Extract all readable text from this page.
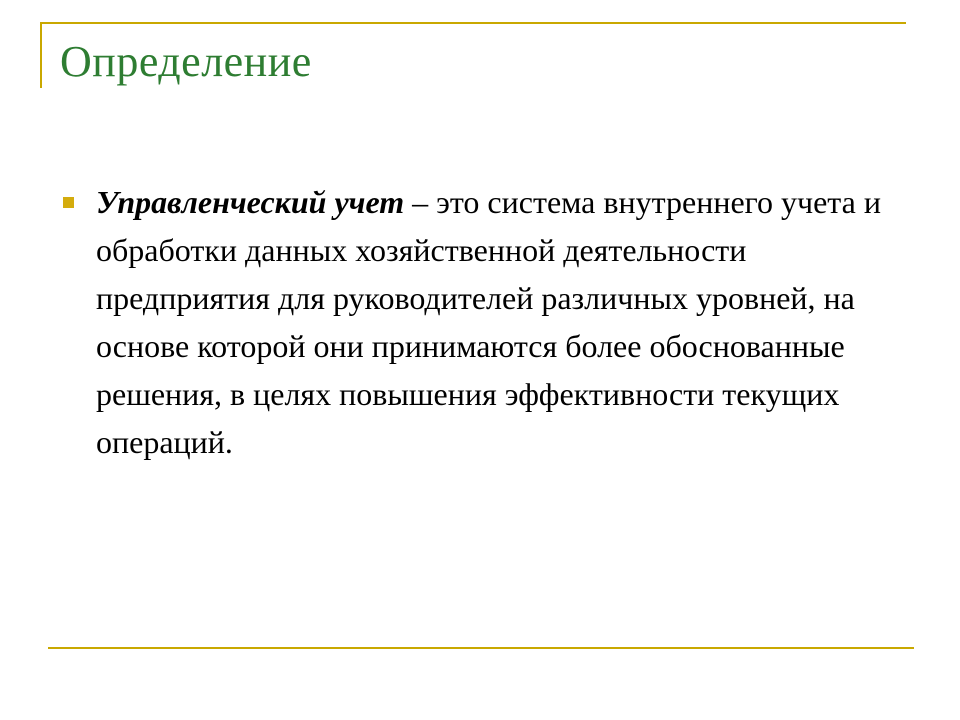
Определение
Управленческий учет – это система внутреннего учета и обработки данных хозяйственной деятельности предприятия для руководителей различных уровней, на основе которой они принимаются более обоснованные решения, в целях повышения эффективности текущих операций.
